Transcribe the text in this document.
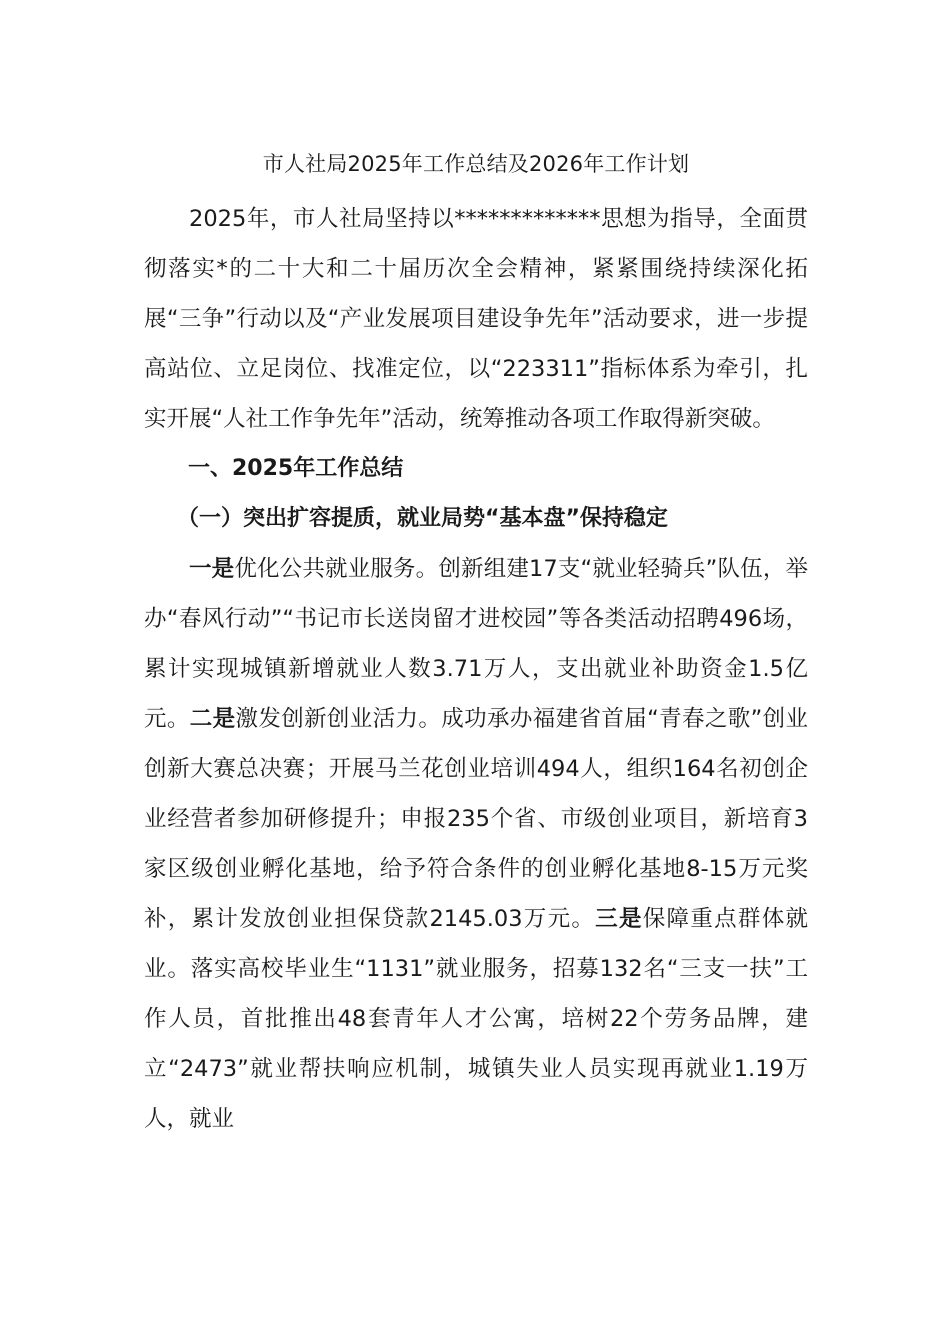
市人社局2025年工作总结及2026年工作计划

2025年，市人社局坚持以*************思想为指导，全面贯彻落实*的二十大和二十届历次全会精神，紧紧围绕持续深化拓展“三争”行动以及“产业发展项目建设争先年”活动要求，进一步提高站位、立足岗位、找准定位，以“223311”指标体系为牵引，扎实开展“人社工作争先年”活动，统筹推动各项工作取得新突破。

一、2025年工作总结

（一）突出扩容提质，就业局势“基本盘”保持稳定

一是优化公共就业服务。创新组建17支“就业轻骑兵”队伍，举办“春风行动”“书记市长送岗留才进校园”等各类活动招聘496场，累计实现城镇新增就业人数3.71万人，支出就业补助资金1.5亿元。二是激发创新创业活力。成功承办福建省首届“青春之歌”创业创新大赛总决赛；开展马兰花创业培训494人，组织164名初创企业经营者参加研修提升；申报235个省、市级创业项目，新培育3家区级创业孵化基地，给予符合条件的创业孵化基地8-15万元奖补，累计发放创业担保贷款2145.03万元。三是保障重点群体就业。落实高校毕业生“1131”就业服务，招募132名“三支一扶”工作人员，首批推出48套青年人才公寓，培树22个劳务品牌，建立“2473”就业帮扶响应机制，城镇失业人员实现再就业1.19万人，就业
